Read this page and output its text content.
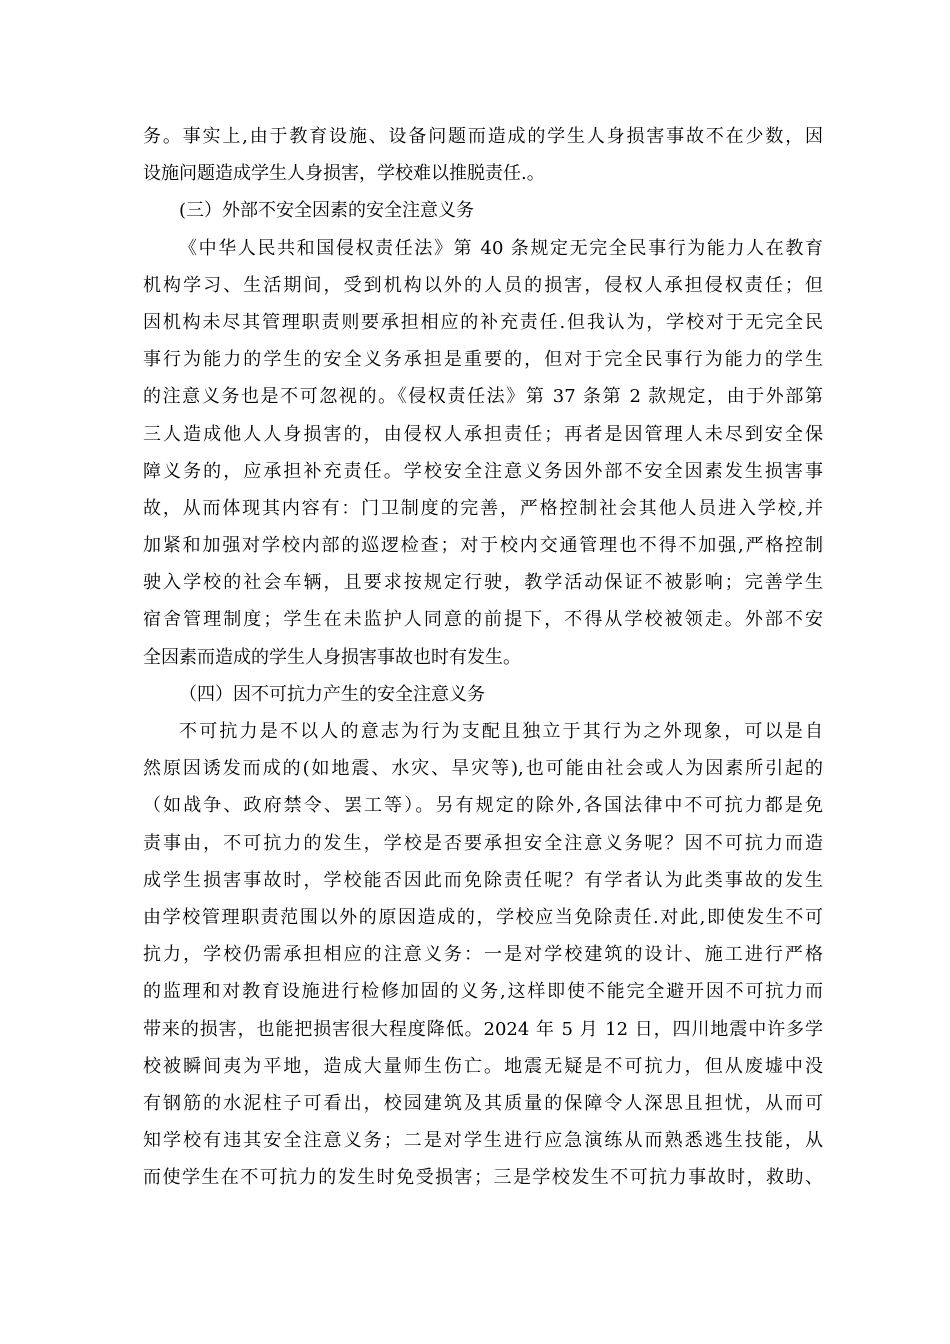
务。事实上,由于教育设施、设备问题而造成的学生人身损害事故不在少数，因
设施问题造成学生人身损害，学校难以推脱责任.。
(三）外部不安全因素的安全注意义务
《中华人民共和国侵权责任法》第 40 条规定无完全民事行为能力人在教育
机构学习、生活期间，受到机构以外的人员的损害，侵权人承担侵权责任；但
因机构未尽其管理职责则要承担相应的补充责任.但我认为，学校对于无完全民
事行为能力的学生的安全义务承担是重要的，但对于完全民事行为能力的学生
的注意义务也是不可忽视的。《侵权责任法》第 37 条第 2 款规定，由于外部第
三人造成他人人身损害的，由侵权人承担责任；再者是因管理人未尽到安全保
障义务的，应承担补充责任。学校安全注意义务因外部不安全因素发生损害事
故，从而体现其内容有：门卫制度的完善，严格控制社会其他人员进入学校,并
加紧和加强对学校内部的巡逻检查；对于校内交通管理也不得不加强,严格控制
驶入学校的社会车辆，且要求按规定行驶，教学活动保证不被影响；完善学生
宿舍管理制度；学生在未监护人同意的前提下，不得从学校被领走。外部不安
全因素而造成的学生人身损害事故也时有发生。
（四）因不可抗力产生的安全注意义务
不可抗力是不以人的意志为行为支配且独立于其行为之外现象，可以是自
然原因诱发而成的(如地震、水灾、旱灾等),也可能由社会或人为因素所引起的
（如战争、政府禁令、罢工等）。另有规定的除外,各国法律中不可抗力都是免
责事由，不可抗力的发生，学校是否要承担安全注意义务呢？因不可抗力而造
成学生损害事故时，学校能否因此而免除责任呢？有学者认为此类事故的发生
由学校管理职责范围以外的原因造成的，学校应当免除责任.对此,即使发生不可
抗力，学校仍需承担相应的注意义务：一是对学校建筑的设计、施工进行严格
的监理和对教育设施进行检修加固的义务,这样即使不能完全避开因不可抗力而
带来的损害，也能把损害很大程度降低。2024 年 5 月 12 日，四川地震中许多学
校被瞬间夷为平地，造成大量师生伤亡。地震无疑是不可抗力，但从废墟中没
有钢筋的水泥柱子可看出，校园建筑及其质量的保障令人深思且担忧，从而可
知学校有违其安全注意义务；二是对学生进行应急演练从而熟悉逃生技能，从
而使学生在不可抗力的发生时免受损害；三是学校发生不可抗力事故时，救助、
